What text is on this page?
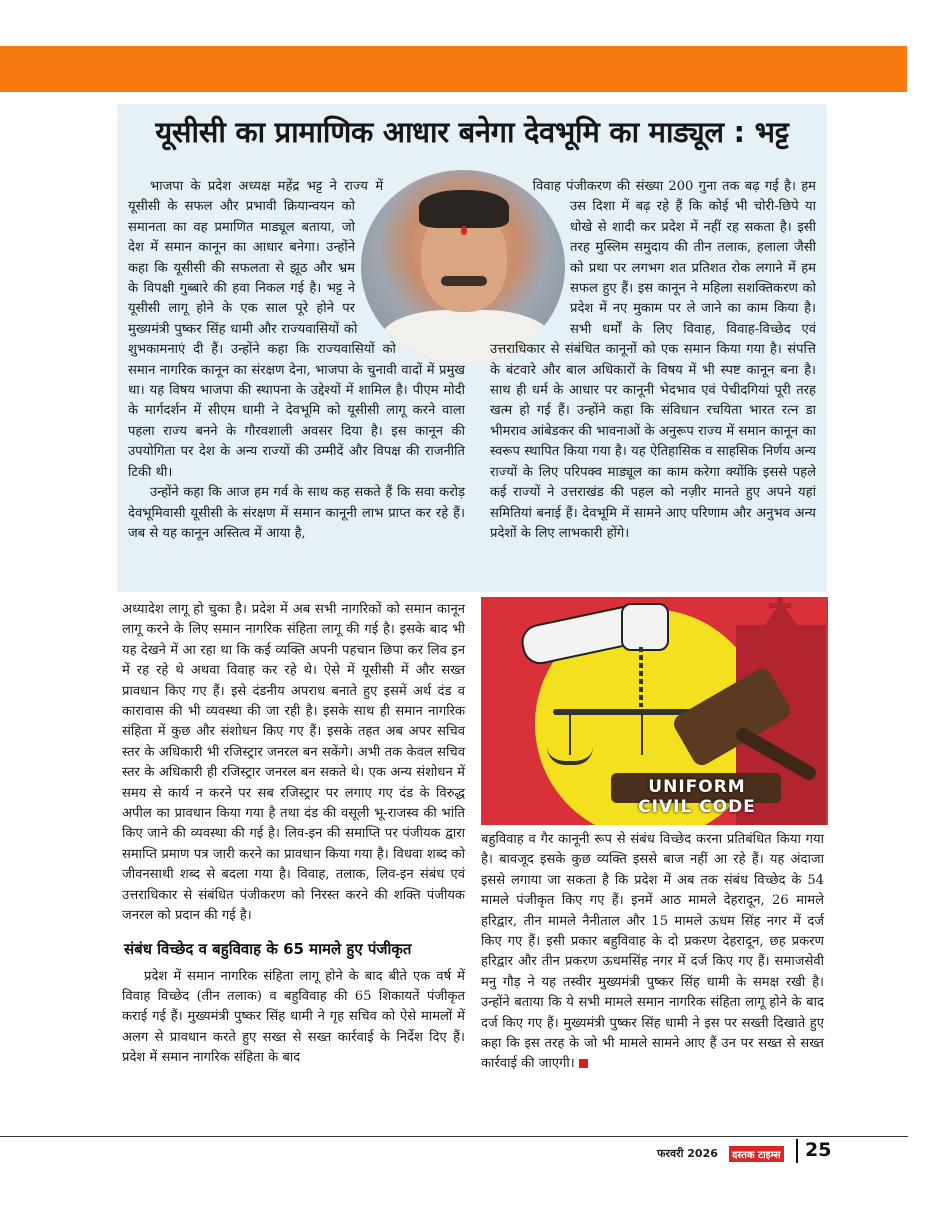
यूसीसी का प्रामाणिक आधार बनेगा देवभूमि का माड्यूल : भट्ट

भाजपा के प्रदेश अध्यक्ष महेंद्र भट्ट ने राज्य में यूसीसी के सफल और प्रभावी क्रियान्वयन को समानता का वह प्रमाणित माड्यूल बताया, जो देश में समान कानून का आधार बनेगा। उन्होंने कहा कि यूसीसी की सफलता से झूठ और भ्रम के विपक्षी गुब्बारे की हवा निकल गई है। भट्ट ने यूसीसी लागू होने के एक साल पूरे होने पर मुख्यमंत्री पुष्कर सिंह धामी और राज्यवासियों को शुभकामनाएं दी हैं। उन्होंने कहा कि राज्यवासियों को समान नागरिक कानून का संरक्षण देना, भाजपा के चुनावी वादों में प्रमुख था। यह विषय भाजपा की स्थापना के उद्देश्यों में शामिल है। पीएम मोदी के मार्गदर्शन में सीएम धामी ने देवभूमि को यूसीसी लागू करने वाला पहला राज्य बनने के गौरवशाली अवसर दिया है। इस कानून की उपयोगिता पर देश के अन्य राज्यों की उम्मीदें और विपक्ष की राजनीति टिकी थी।

उन्होंने कहा कि आज हम गर्व के साथ कह सकते हैं कि सवा करोड़ देवभूमिवासी यूसीसी के संरक्षण में समान कानूनी लाभ प्राप्त कर रहे हैं। जब से यह कानून अस्तित्व में आया है,

विवाह पंजीकरण की संख्या 200 गुना तक बढ़ गई है। हम उस दिशा में बढ़ रहे हैं कि कोई भी चोरी-छिपे या धोखे से शादी कर प्रदेश में नहीं रह सकता है। इसी तरह मुस्लिम समुदाय की तीन तलाक, हलाला जैसी को प्रथा पर लगभग शत प्रतिशत रोक लगाने में हम सफल हुए हैं। इस कानून ने महिला सशक्तिकरण को प्रदेश में नए मुकाम पर ले जाने का काम किया है। सभी धर्मों के लिए विवाह, विवाह-विच्छेद एवं उत्तराधिकार से संबंधित कानूनों को एक समान किया गया है। संपत्ति के बंटवारे और बाल अधिकारों के विषय में भी स्पष्ट कानून बना है। साथ ही धर्म के आधार पर कानूनी भेदभाव एवं पेचीदगियां पूरी तरह खत्म हो गई हैं। उन्होंने कहा कि संविधान रचयिता भारत रत्न डा भीमराव आंबेडकर की भावनाओं के अनुरूप राज्य में समान कानून का स्वरूप स्थापित किया गया है। यह ऐतिहासिक व साहसिक निर्णय अन्य राज्यों के लिए परिपक्व माड्यूल का काम करेगा क्योंकि इससे पहले कई राज्यों ने उत्तराखंड की पहल को नज़ीर मानते हुए अपने यहां समितियां बनाई हैं। देवभूमि में सामने आए परिणाम और अनुभव अन्य प्रदेशों के लिए लाभकारी होंगे।

अध्यादेश लागू हो चुका है। प्रदेश में अब सभी नागरिकों को समान कानून लागू करने के लिए समान नागरिक संहिता लागू की गई है। इसके बाद भी यह देखने में आ रहा था कि कई व्यक्ति अपनी पहचान छिपा कर लिव इन में रह रहे थे अथवा विवाह कर रहे थे। ऐसे में यूसीसी में और सख्त प्रावधान किए गए हैं। इसे दंडनीय अपराध बनाते हुए इसमें अर्थ दंड व कारावास की भी व्यवस्था की जा रही है। इसके साथ ही समान नागरिक संहिता में कुछ और संशोधन किए गए हैं। इसके तहत अब अपर सचिव स्तर के अधिकारी भी रजिस्ट्रार जनरल बन सकेंगे। अभी तक केवल सचिव स्तर के अधिकारी ही रजिस्ट्रार जनरल बन सकते थे। एक अन्य संशोधन में समय से कार्य न करने पर सब रजिस्ट्रार पर लगाए गए दंड के विरुद्ध अपील का प्रावधान किया गया है तथा दंड की वसूली भू-राजस्व की भांति किए जाने की व्यवस्था की गई है। लिव-इन की समाप्ति पर पंजीयक द्वारा समाप्ति प्रमाण पत्र जारी करने का प्रावधान किया गया है। विधवा शब्द को जीवनसाथी शब्द से बदला गया है। विवाह, तलाक, लिव-इन संबंध एवं उत्तराधिकार से संबंधित पंजीकरण को निरस्त करने की शक्ति पंजीयक जनरल को प्रदान की गई है।

संबंध विच्छेद व बहुविवाह के 65 मामले हुए पंजीकृत

प्रदेश में समान नागरिक संहिता लागू होने के बाद बीते एक वर्ष में विवाह विच्छेद (तीन तलाक) व बहुविवाह की 65 शिकायतें पंजीकृत कराई गई हैं। मुख्यमंत्री पुष्कर सिंह धामी ने गृह सचिव को ऐसे मामलों में अलग से प्रावधान करते हुए सख्त से सख्त कार्रवाई के निर्देश दिए हैं। प्रदेश में समान नागरिक संहिता के बाद

UNIFORM
CIVIL CODE

बहुविवाह व गैर कानूनी रूप से संबंध विच्छेद करना प्रतिबंधित किया गया है। बावजूद इसके कुछ व्यक्ति इससे बाज नहीं आ रहे हैं। यह अंदाजा इससे लगाया जा सकता है कि प्रदेश में अब तक संबंध विच्छेद के 54 मामले पंजीकृत किए गए हैं। इनमें आठ मामले देहरादून, 26 मामले हरिद्वार, तीन मामले नैनीताल और 15 मामले ऊधम सिंह नगर में दर्ज किए गए हैं। इसी प्रकार बहुविवाह के दो प्रकरण देहरादून, छह प्रकरण हरिद्वार और तीन प्रकरण ऊधमसिंह नगर में दर्ज किए गए हैं। समाजसेवी मनु गौड़ ने यह तस्वीर मुख्यमंत्री पुष्कर सिंह धामी के समक्ष रखी है। उन्होंने बताया कि ये सभी मामले समान नागरिक संहिता लागू होने के बाद दर्ज किए गए हैं। मुख्यमंत्री पुष्कर सिंह धामी ने इस पर सख्ती दिखाते हुए कहा कि इस तरह के जो भी मामले सामने आए हैं उन पर सख्त से सख्त कार्रवाई की जाएगी।

फरवरी 2026	दस्तक टाइम्स 25
